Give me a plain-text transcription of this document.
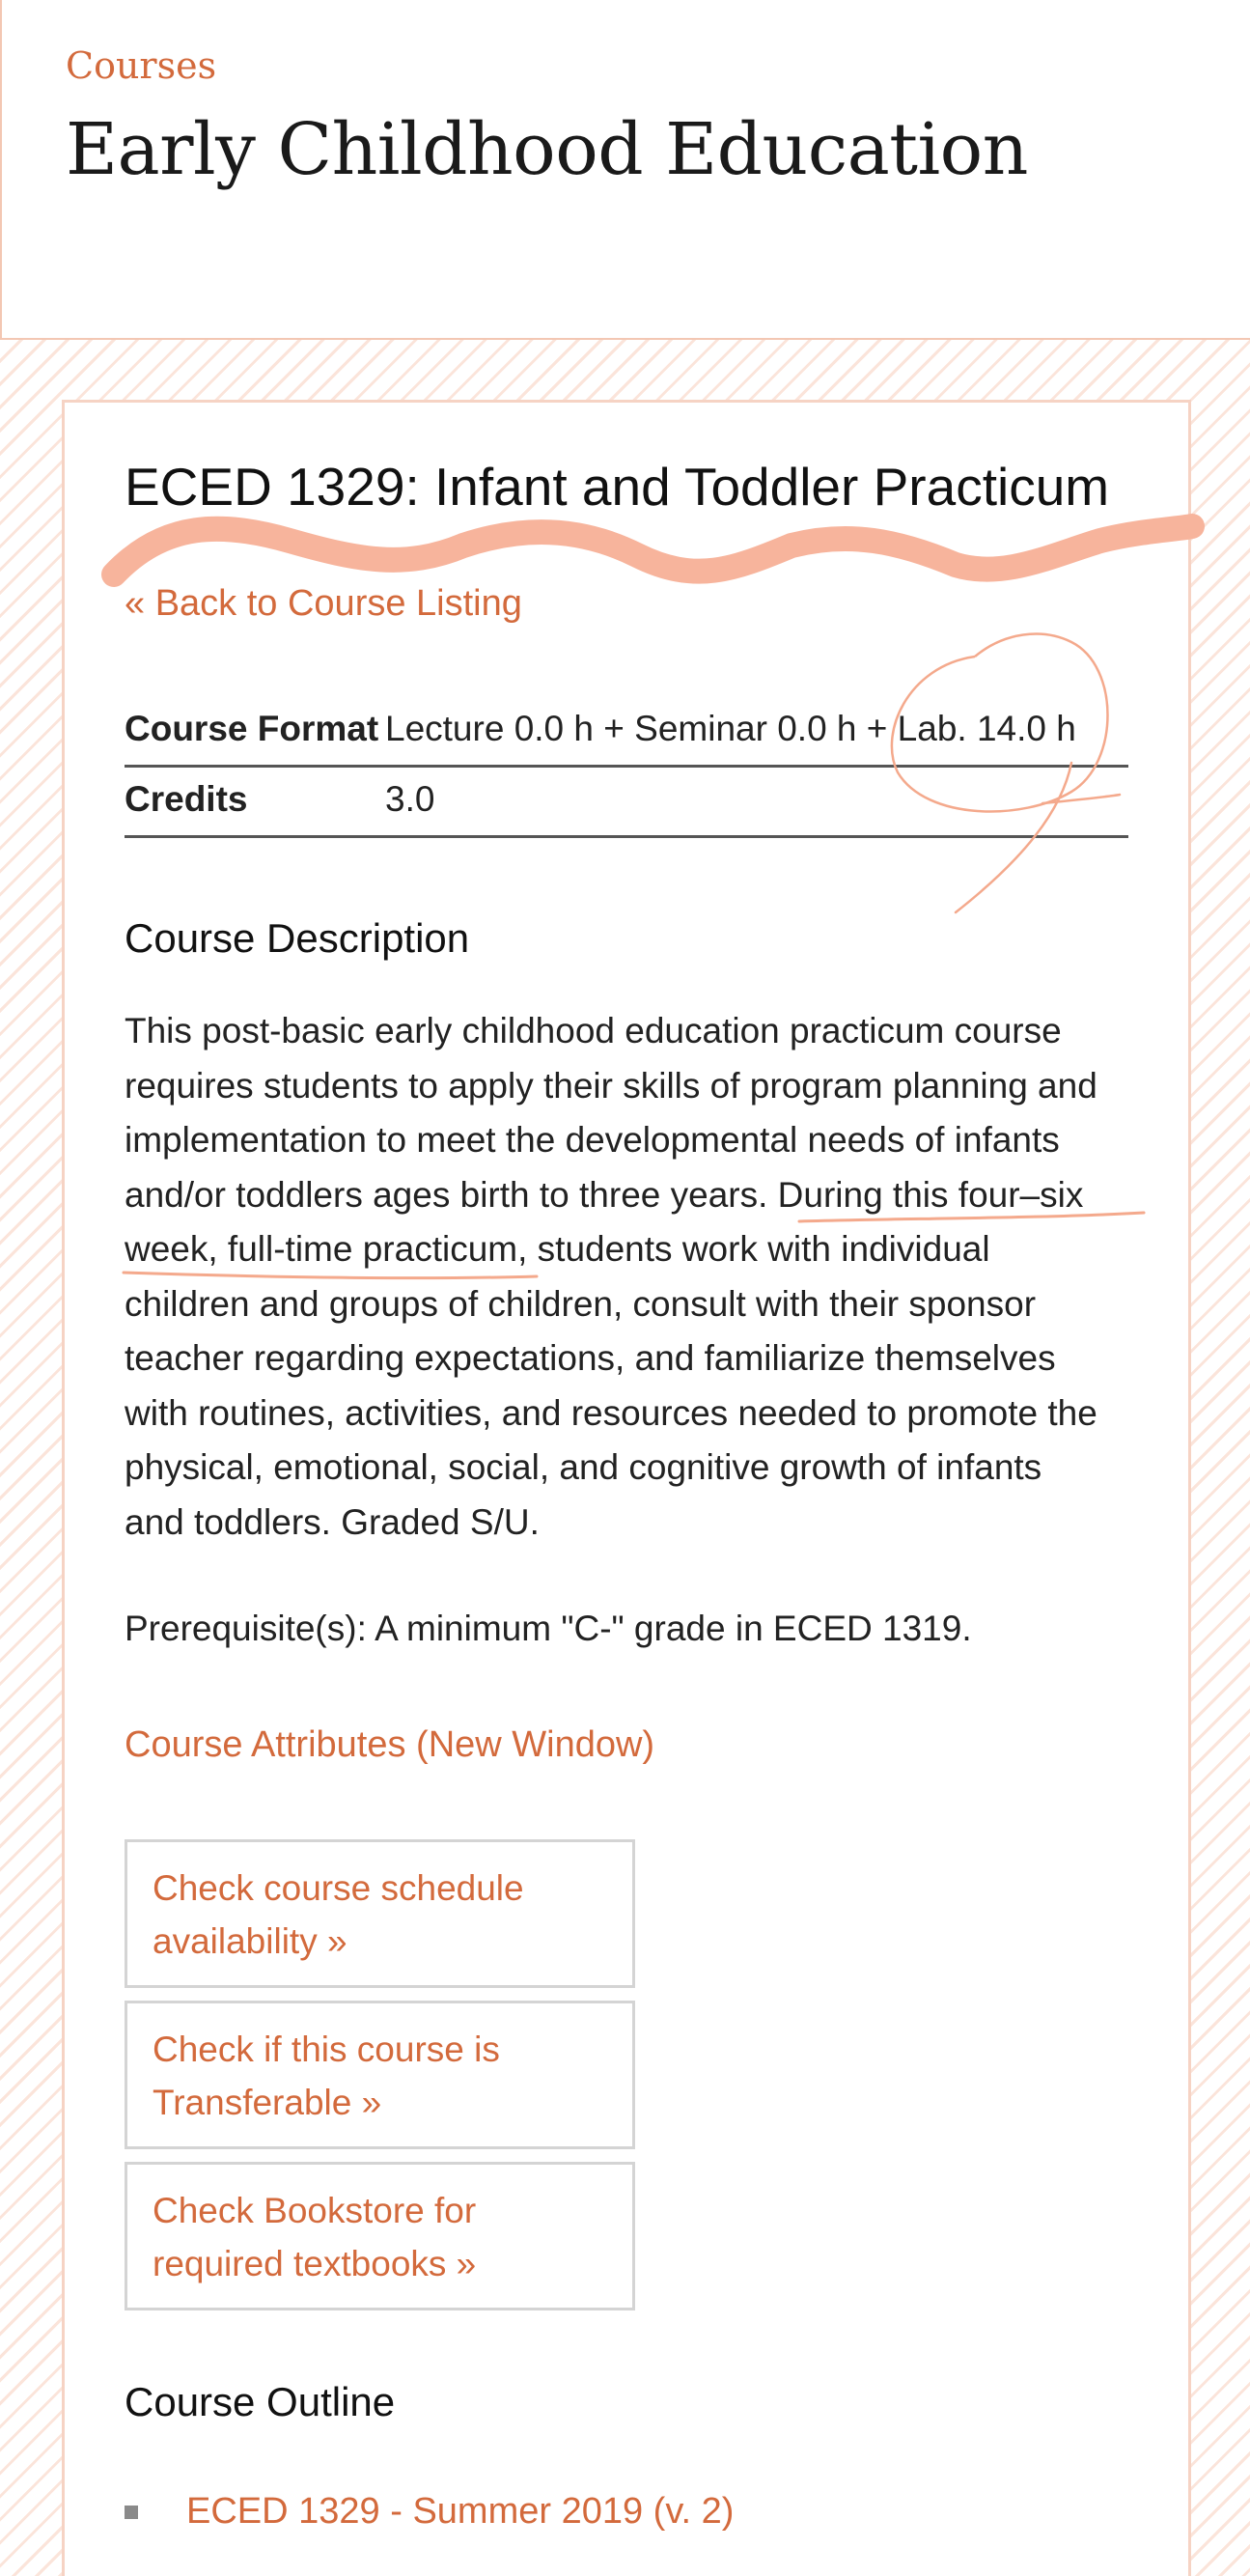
Courses
Early Childhood Education
ECED 1329: Infant and Toddler Practicum
« Back to Course Listing
Course Format	Lecture 0.0 h + Seminar 0.0 h + Lab. 14.0 h
Credits	3.0
Course Description
This post-basic early childhood education practicum course
requires students to apply their skills of program planning and
implementation to meet the developmental needs of infants
and/or toddlers ages birth to three years. During this four–six
week, full-time practicum, students work with individual
children and groups of children, consult with their sponsor
teacher regarding expectations, and familiarize themselves
with routines, activities, and resources needed to promote the
physical, emotional, social, and cognitive growth of infants
and toddlers. Graded S/U.
Prerequisite(s): A minimum "C-" grade in ECED 1319.
Course Attributes (New Window)
Check course schedule
availability »
Check if this course is
Transferable »
Check Bookstore for
required textbooks »
Course Outline
ECED 1329 - Summer 2019 (v. 2)
